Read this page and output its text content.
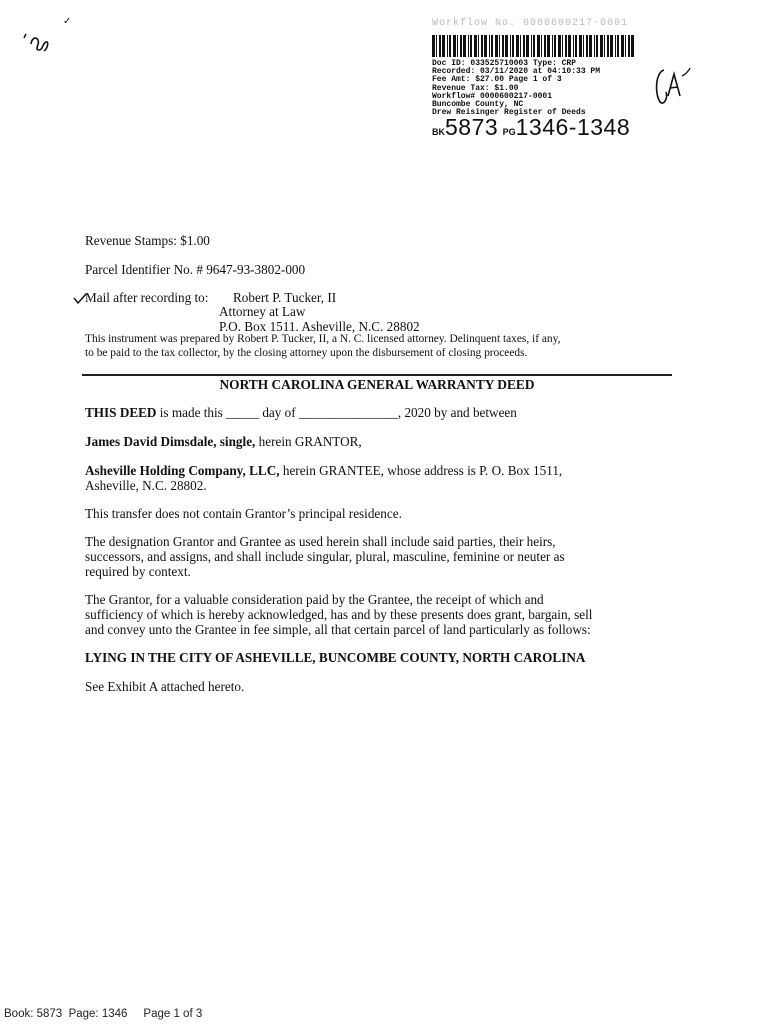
✓	Workflow No. 0000600217-0001
Doc ID: 033525710003 Type: CRP
Recorded: 03/11/2020 at 04:10:33 PM
Fee Amt: $27.00 Page 1 of 3
Revenue Tax: $1.00
Workflow# 0000600217-0001
Buncombe County, NC
Drew Reisinger Register of Deeds
BK5873 PG1346-1348
Revenue Stamps: $1.00
Parcel Identifier No. # 9647-93-3802-000
Mail after recording to: Robert P. Tucker, II
Attorney at Law
P.O. Box 1511. Asheville, N.C. 28802
This instrument was prepared by Robert P. Tucker, II, a N. C. licensed attorney. Delinquent taxes, if any,
to be paid to the tax collector, by the closing attorney upon the disbursement of closing proceeds.
NORTH CAROLINA GENERAL WARRANTY DEED
THIS DEED is made this _____ day of _______________, 2020 by and between
James David Dimsdale, single, herein GRANTOR,
Asheville Holding Company, LLC, herein GRANTEE, whose address is P. O. Box 1511,
Asheville, N.C. 28802.
This transfer does not contain Grantor’s principal residence.
The designation Grantor and Grantee as used herein shall include said parties, their heirs,
successors, and assigns, and shall include singular, plural, masculine, feminine or neuter as
required by context.
The Grantor, for a valuable consideration paid by the Grantee, the receipt of which and
sufficiency of which is hereby acknowledged, has and by these presents does grant, bargain, sell
and convey unto the Grantee in fee simple, all that certain parcel of land particularly as follows:
LYING IN THE CITY OF ASHEVILLE, BUNCOMBE COUNTY, NORTH CAROLINA
See Exhibit A attached hereto.
Book: 5873 Page: 1346 Page 1 of 3
